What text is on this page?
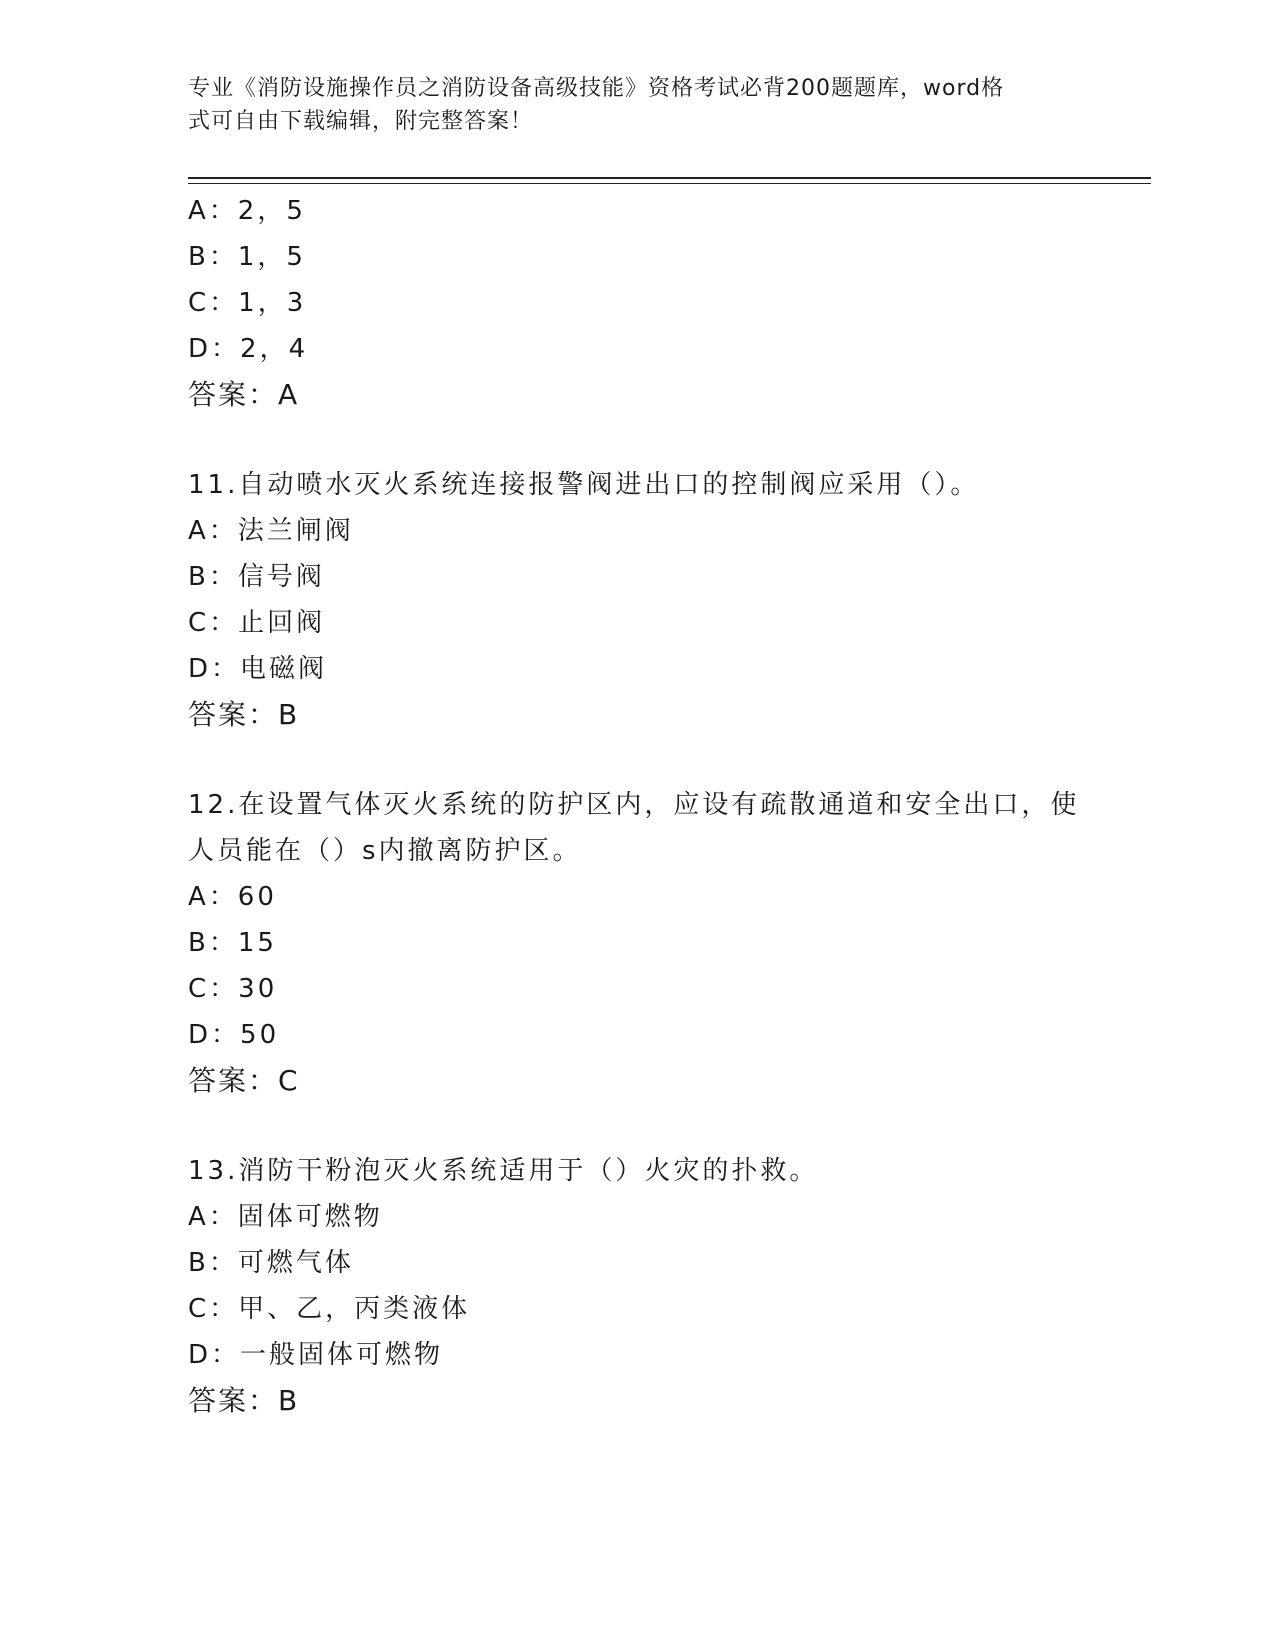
专业《消防设施操作员之消防设备高级技能》资格考试必背200题题库，word格
式可自由下载编辑，附完整答案！
A：2，5
B：1，5
C：1，3
D：2，4
答案：A
11.自动喷水灭火系统连接报警阀进出口的控制阀应采用（）。
A：法兰闸阀
B：信号阀
C：止回阀
D：电磁阀
答案：B
12.在设置气体灭火系统的防护区内，应设有疏散通道和安全出口，使
人员能在（）s内撤离防护区。
A：60
B：15
C：30
D：50
答案：C
13.消防干粉泡灭火系统适用于（）火灾的扑救。
A：固体可燃物
B：可燃气体
C：甲、乙，丙类液体
D：一般固体可燃物
答案：B
